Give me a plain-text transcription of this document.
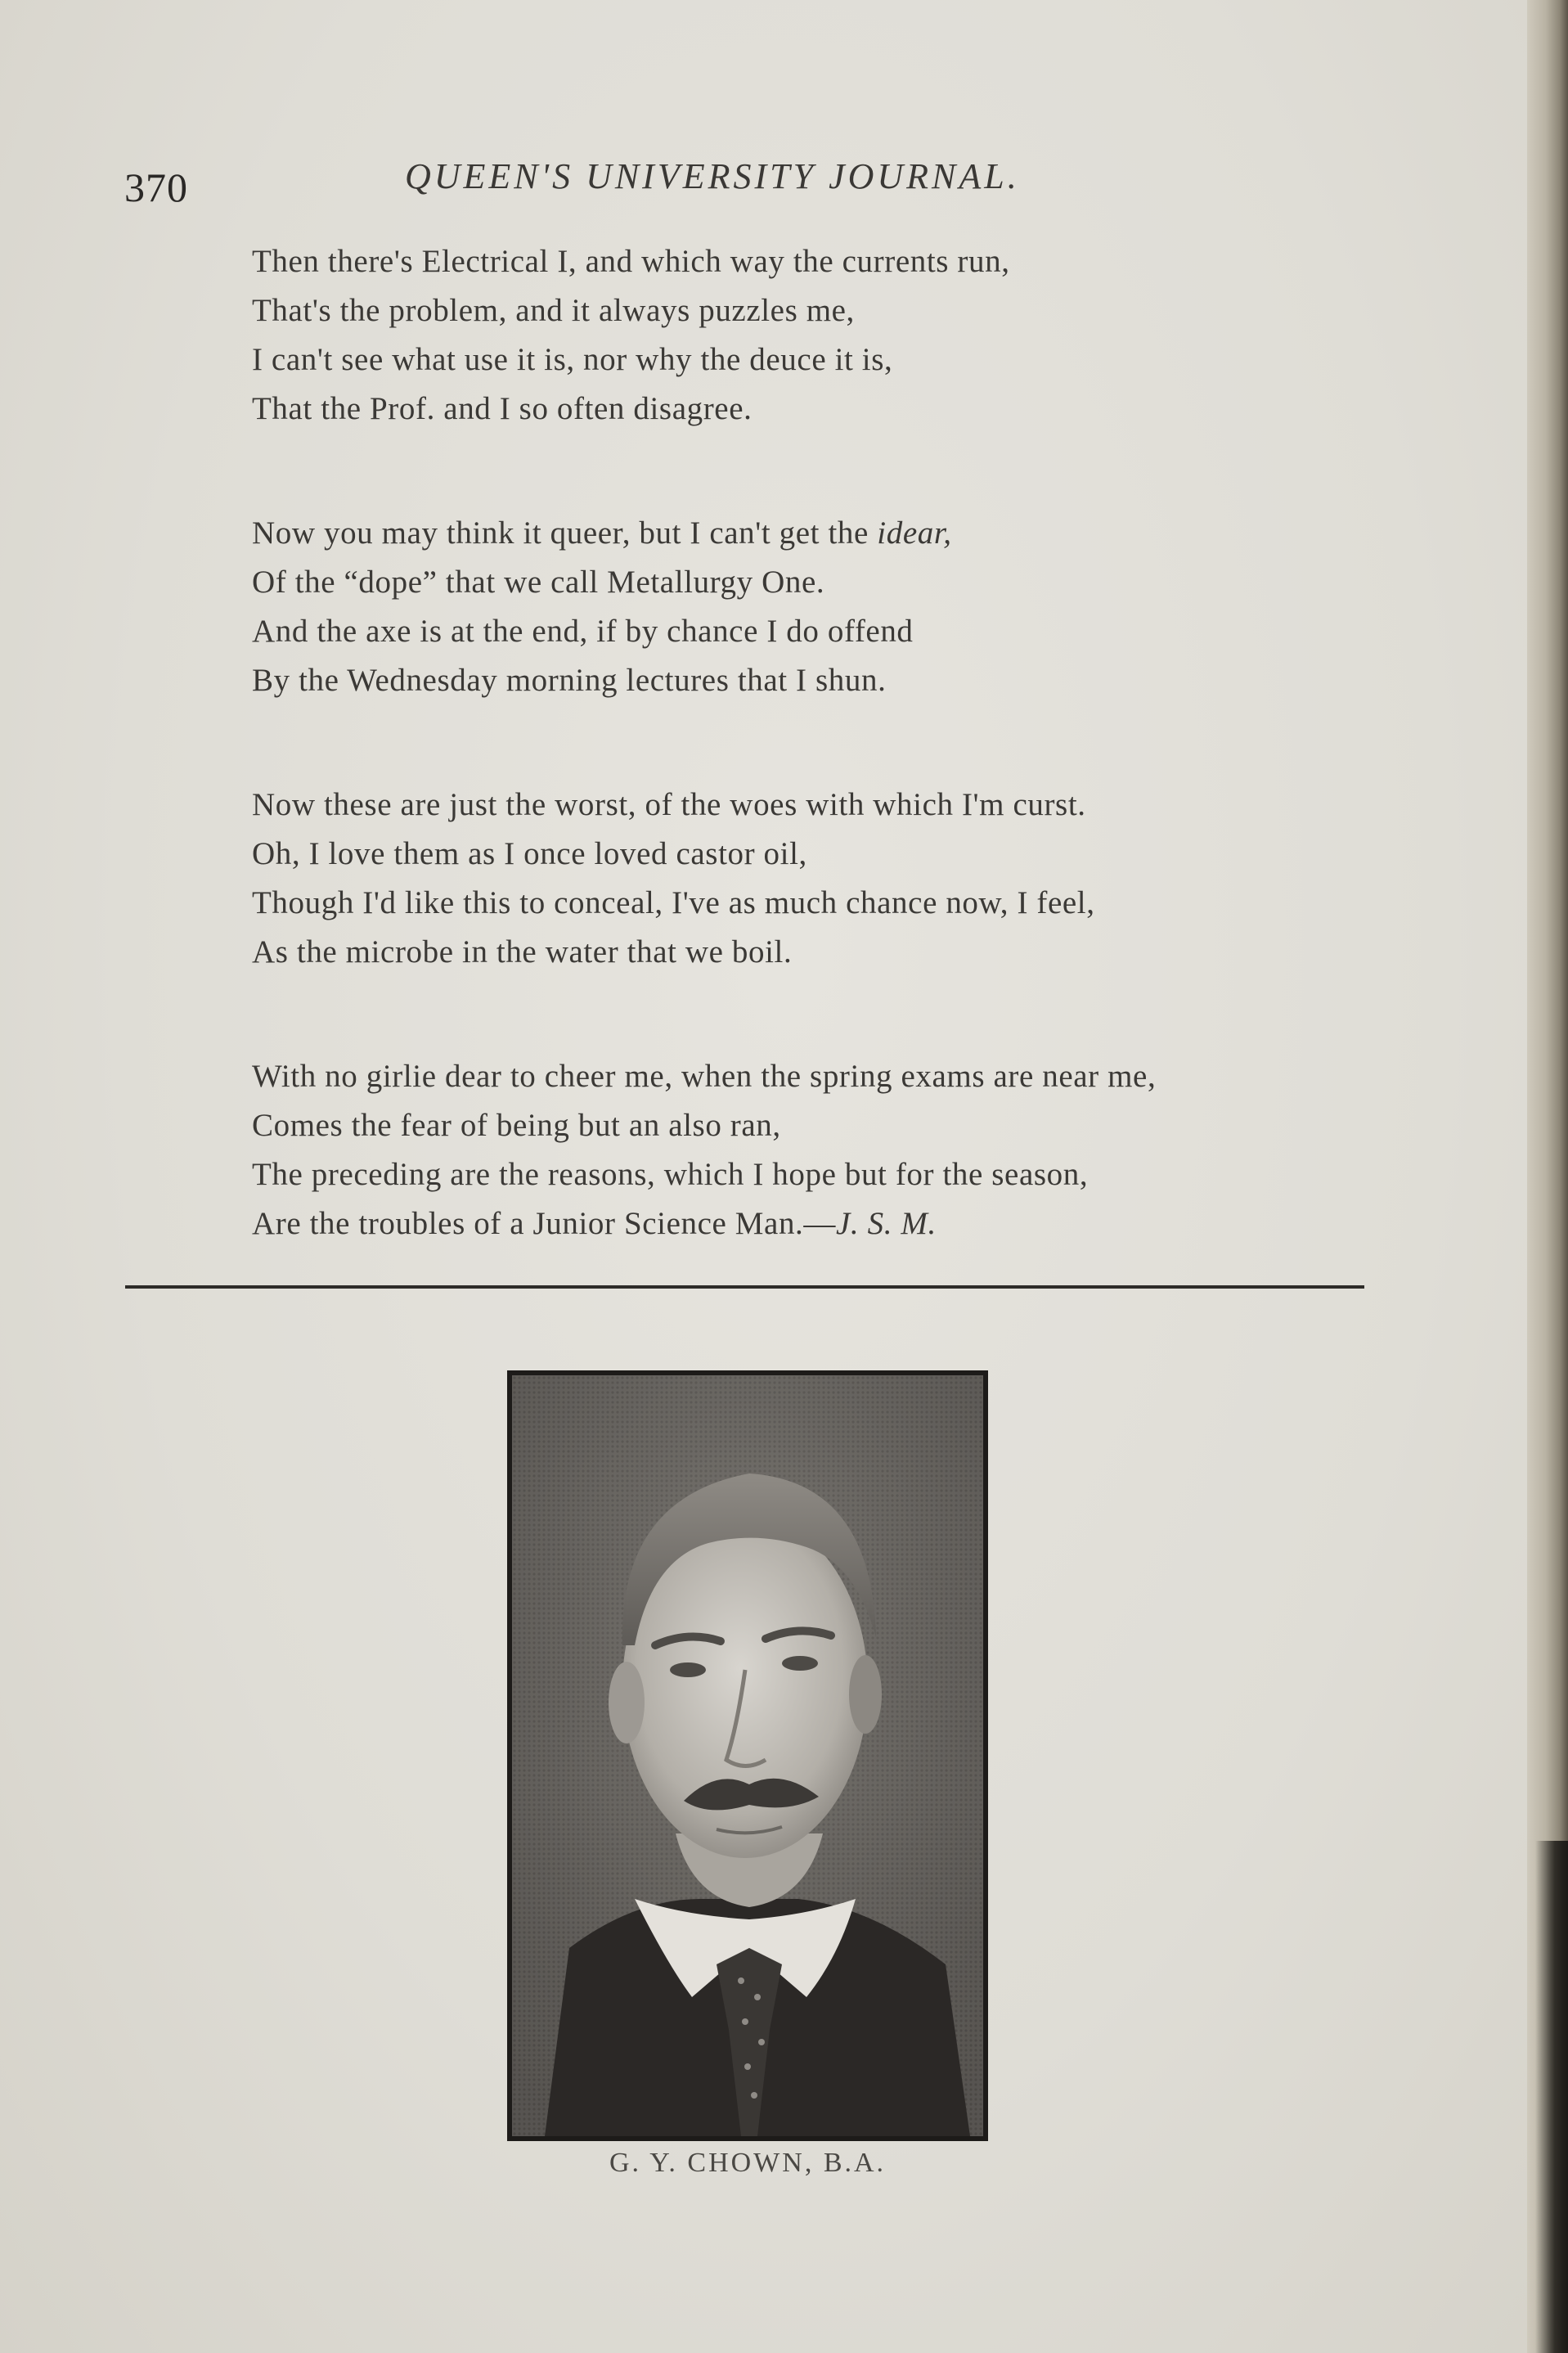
370	QUEEN'S UNIVERSITY JOURNAL.
Then there's Electrical I, and which way the currents run,
That's the problem, and it always puzzles me,
I can't see what use it is, nor why the deuce it is,
That the Prof. and I so often disagree.
Now you may think it queer, but I can't get the idear,
Of the “dope” that we call Metallurgy One.
And the axe is at the end, if by chance I do offend
By the Wednesday morning lectures that I shun.
Now these are just the worst, of the woes with which I'm curst.
Oh, I love them as I once loved castor oil,
Though I'd like this to conceal, I've as much chance now, I feel,
As the microbe in the water that we boil.
With no girlie dear to cheer me, when the spring exams are near me,
Comes the fear of being but an also ran,
The preceding are the reasons, which I hope but for the season,
Are the troubles of a Junior Science Man.—J. S. M.
G. Y. CHOWN, B.A.
